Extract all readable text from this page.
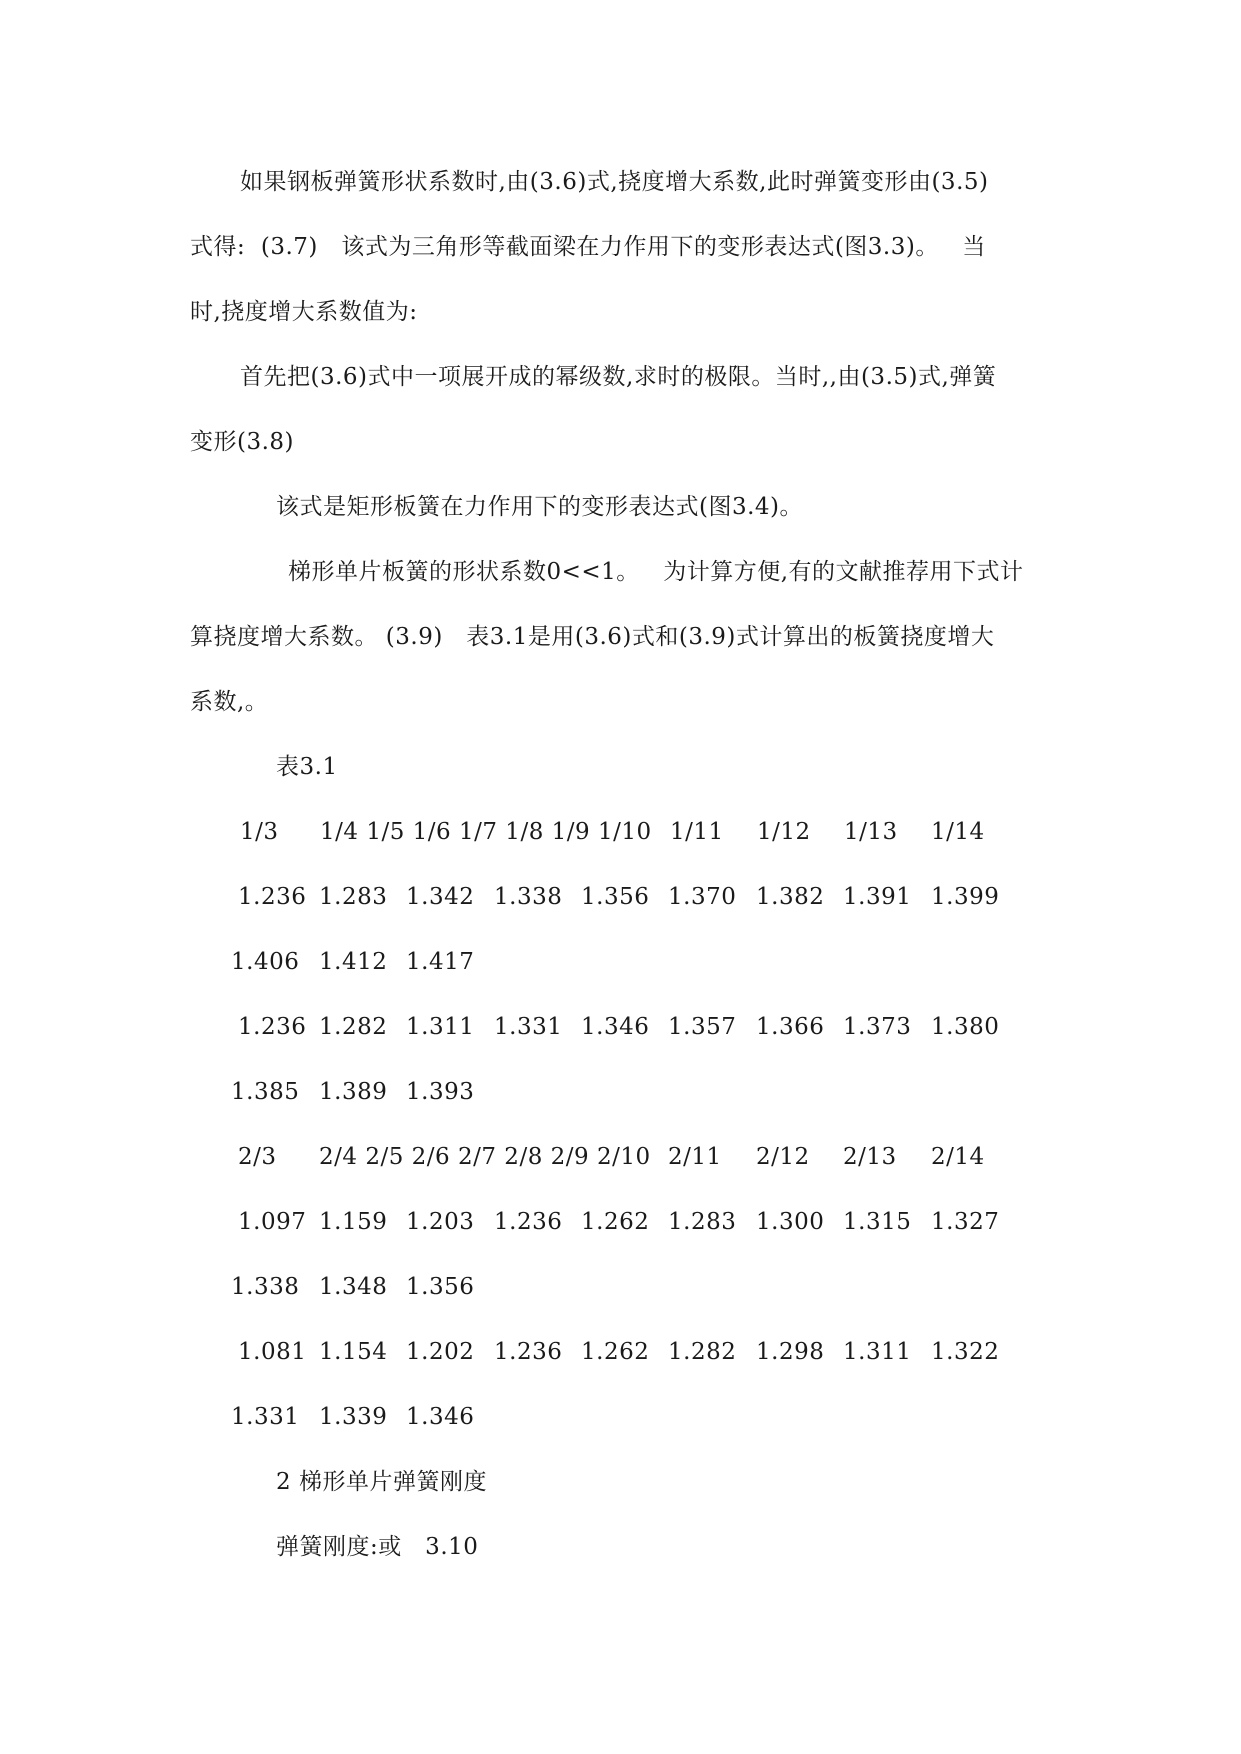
如果钢板弹簧形状系数时,由(3.6)式,挠度增大系数,此时弹簧变形由(3.5)
式得:  (3.7)   该式为三角形等截面梁在力作用下的变形表达式(图3.3)。   当
时,挠度增大系数值为:
首先把(3.6)式中一项展开成的幂级数,求时的极限。当时,,由(3.5)式,弹簧
变形(3.8)
该式是矩形板簧在力作用下的变形表达式(图3.4)。
梯形单片板簧的形状系数0<<1。   为计算方便,有的文献推荐用下式计
算挠度增大系数。 (3.9)   表3.1是用(3.6)式和(3.9)式计算出的板簧挠度增大
系数,。
表3.1
1/3 1/4 1/5 1/6 1/7 1/8 1/9 1/10 1/11 1/12 1/13 1/14
1.236 1.283 1.342 1.338 1.356 1.370 1.382 1.391 1.399
1.406 1.412 1.417
1.236 1.282 1.311 1.331 1.346 1.357 1.366 1.373 1.380
1.385 1.389 1.393
2/3 2/4 2/5 2/6 2/7 2/8 2/9 2/10 2/11 2/12 2/13 2/14
1.097 1.159 1.203 1.236 1.262 1.283 1.300 1.315 1.327
1.338 1.348 1.356
1.081 1.154 1.202 1.236 1.262 1.282 1.298 1.311 1.322
1.331 1.339 1.346
2 梯形单片弹簧刚度
弹簧刚度:或   3.10
